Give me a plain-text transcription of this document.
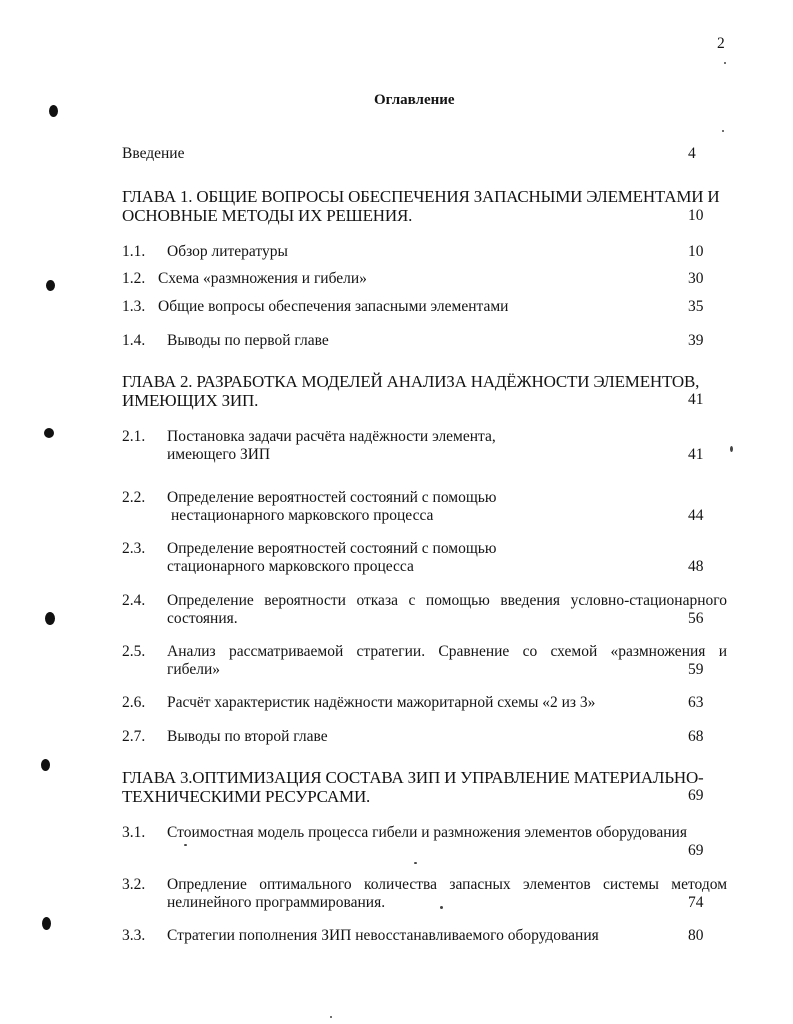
2
Оглавление
Введение	4
ГЛАВА 1. ОБЩИЕ ВОПРОСЫ ОБЕСПЕЧЕНИЯ ЗАПАСНЫМИ ЭЛЕМЕНТАМИ И
ОСНОВНЫЕ МЕТОДЫ ИХ РЕШЕНИЯ.	10
1.1. Обзор литературы	10
1.2. Схема «размножения и гибели»	30
1.3. Общие вопросы обеспечения запасными элементами	35
1.4. Выводы по первой главе	39
ГЛАВА 2. РАЗРАБОТКА МОДЕЛЕЙ АНАЛИЗА НАДЁЖНОСТИ ЭЛЕМЕНТОВ,
ИМЕЮЩИХ ЗИП.	41
2.1. Постановка задачи расчёта надёжности элемента,
имеющего ЗИП	41
2.2. Определение вероятностей состояний с помощью
нестационарного марковского процесса	44
2.3. Определение вероятностей состояний с помощью
стационарного марковского процесса	48
2.4. Определение вероятности отказа с помощью введения условно-стационарного
состояния.	56
2.5. Анализ рассматриваемой стратегии. Сравнение со схемой «размножения и
гибели»	59
2.6. Расчёт характеристик надёжности мажоритарной схемы «2 из 3»	63
2.7. Выводы по второй главе	68
ГЛАВА 3.ОПТИМИЗАЦИЯ СОСТАВА ЗИП И УПРАВЛЕНИЕ МАТЕРИАЛЬНО-
ТЕХНИЧЕСКИМИ РЕСУРСАМИ.	69
3.1. Стоимостная модель процесса гибели и размножения элементов оборудования
69
3.2. Опредление оптимального количества запасных элементов системы методом
нелинейного программирования.	74
3.3. Стратегии пополнения ЗИП невосстанавливаемого оборудования	80
